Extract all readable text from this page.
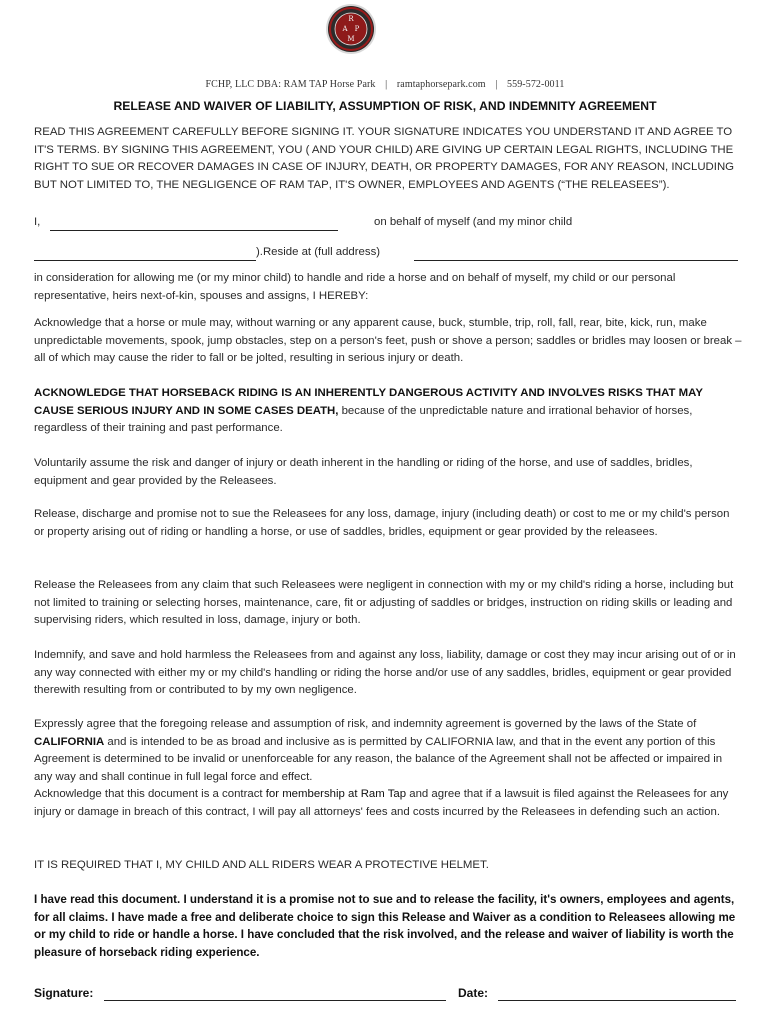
R
A P
M
FCHP, LLC DBA: RAM TAP Horse Park | ramtaphorsepark.com | 559-572-0011
RELEASE AND WAIVER OF LIABILITY, ASSUMPTION OF RISK, AND INDEMNITY AGREEMENT

READ THIS AGREEMENT CAREFULLY BEFORE SIGNING IT. YOUR SIGNATURE INDICATES YOU UNDERSTAND IT AND AGREE TO IT'S TERMS. BY SIGNING THIS AGREEMENT, YOU ( AND YOUR CHILD) ARE GIVING UP CERTAIN LEGAL RIGHTS, INCLUDING THE RIGHT TO SUE OR RECOVER DAMAGES IN CASE OF INJURY, DEATH, OR PROPERTY DAMAGES, FOR ANY REASON, INCLUDING BUT NOT LIMITED TO, THE NEGLIGENCE OF RAM TAP, IT'S OWNER, EMPLOYEES AND AGENTS (“THE RELEASEES”).

I,	on behalf of myself (and my minor child
).Reside at (full address)

in consideration for allowing me (or my minor child) to handle and ride a horse and on behalf of myself, my child or our personal representative, heirs next-of-kin, spouses and assigns, I HEREBY:

Acknowledge that a horse or mule may, without warning or any apparent cause, buck, stumble, trip, roll, fall, rear, bite, kick, run, make unpredictable movements, spook, jump obstacles, step on a person's feet, push or shove a person; saddles or bridles may loosen or break – all of which may cause the rider to fall or be jolted, resulting in serious injury or death.

ACKNOWLEDGE THAT HORSEBACK RIDING IS AN INHERENTLY DANGEROUS ACTIVITY AND INVOLVES RISKS THAT MAY CAUSE SERIOUS INJURY AND IN SOME CASES DEATH, because of the unpredictable nature and irrational behavior of horses, regardless of their training and past performance.

Voluntarily assume the risk and danger of injury or death inherent in the handling or riding of the horse, and use of saddles, bridles, equipment and gear provided by the Releasees.

Release, discharge and promise not to sue the Releasees for any loss, damage, injury (including death) or cost to me or my child's person or property arising out of riding or handling a horse, or use of saddles, bridles, equipment or gear provided by the releasees.

Release the Releasees from any claim that such Releasees were negligent in connection with my or my child's riding a horse, including but not limited to training or selecting horses, maintenance, care, fit or adjusting of saddles or bridges, instruction on riding skills or leading and supervising riders, which resulted in loss, damage, injury or both.

Indemnify, and save and hold harmless the Releasees from and against any loss, liability, damage or cost they may incur arising out of or in any way connected with either my or my child's handling or riding the horse and/or use of any saddles, bridles, equipment or gear provided therewith resulting from or contributed to by my own negligence.

Expressly agree that the foregoing release and assumption of risk, and indemnity agreement is governed by the laws of the State of CALIFORNIA and is intended to be as broad and inclusive as is permitted by CALIFORNIA law, and that in the event any portion of this Agreement is determined to be invalid or unenforceable for any reason, the balance of the Agreement shall not be affected or impaired in any way and shall continue in full legal force and effect.
Acknowledge that this document is a contract for membership at Ram Tap and agree that if a lawsuit is filed against the Releasees for any injury or damage in breach of this contract, I will pay all attorneys' fees and costs incurred by the Releasees in defending such an action.

IT IS REQUIRED THAT I, MY CHILD AND ALL RIDERS WEAR A PROTECTIVE HELMET.

I have read this document. I understand it is a promise not to sue and to release the facility, it's owners, employees and agents, for all claims. I have made a free and deliberate choice to sign this Release and Waiver as a condition to Releasees allowing me or my child to ride or handle a horse. I have concluded that the risk involved, and the release and waiver of liability is worth the pleasure of horseback riding experience.

Signature:	Date:
